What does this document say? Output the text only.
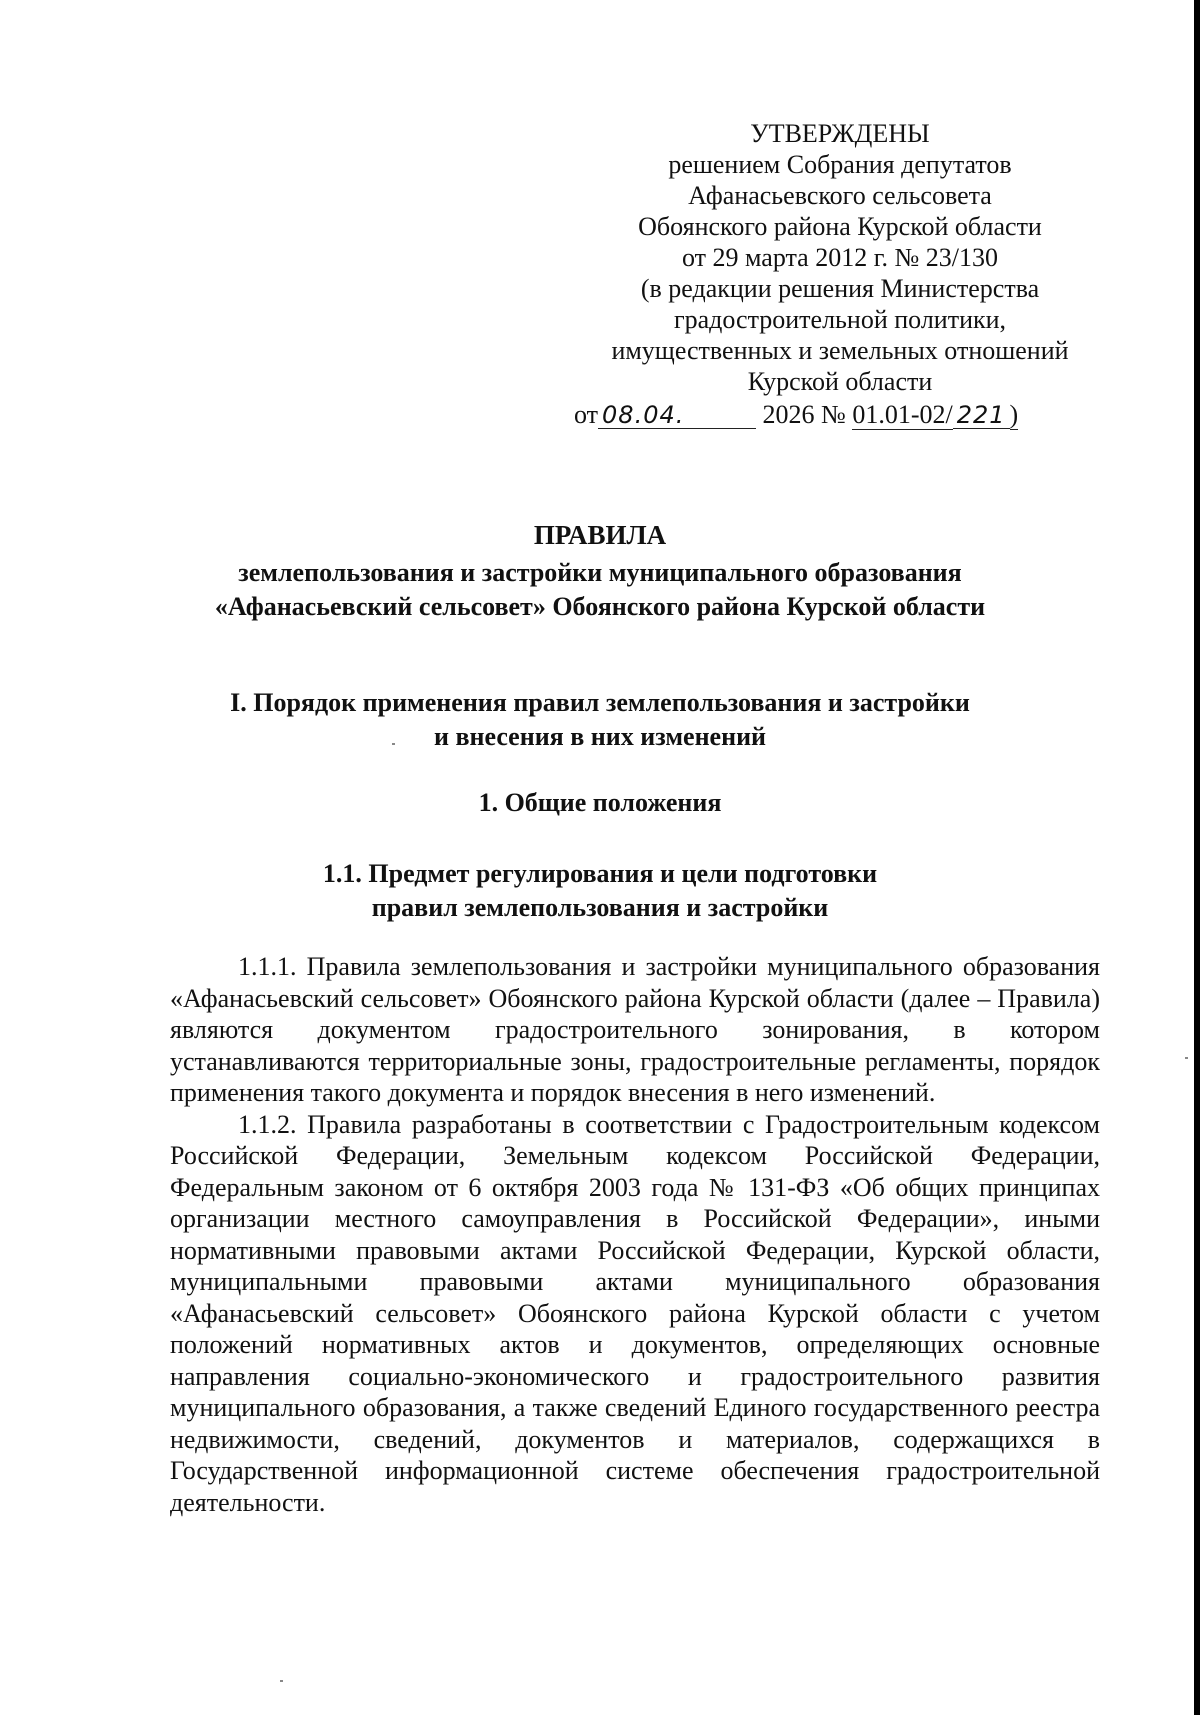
УТВЕРЖДЕНЫ
решением Собрания депутатов
Афанасьевского сельсовета
Обоянского района Курской области
от 29 марта 2012 г. № 23/130
(в редакции решения Министерства
градостроительной политики,
имущественных и земельных отношений
Курской области
от 08.04.	2026 № 01.01-02/ 221 )
ПРАВИЛА
землепользования и застройки муниципального образования
«Афанасьевский сельсовет» Обоянского района Курской области
I. Порядок применения правил землепользования и застройки
и внесения в них изменений
1. Общие положения
1.1. Предмет регулирования и цели подготовки
правил землепользования и застройки

1.1.1. Правила землепользования и застройки муниципального образования «Афанасьевский сельсовет» Обоянского района Курской области (далее – Правила) являются документом градостроительного зонирования, в котором устанавливаются территориальные зоны, градостроительные регламенты, порядок применения такого документа и порядок внесения в него изменений.

1.1.2. Правила разработаны в соответствии с Градостроительным кодексом Российской Федерации, Земельным кодексом Российской Федерации, Федеральным законом от 6 октября 2003 года № 131-ФЗ «Об общих принципах организации местного самоуправления в Российской Федерации», иными нормативными правовыми актами Российской Федерации, Курской области, муниципальными правовыми актами муниципального образования «Афанасьевский сельсовет» Обоянского района Курской области с учетом положений нормативных актов и документов, определяющих основные направления социально-экономического и градостроительного развития муниципального образования, а также сведений Единого государственного реестра недвижимости, сведений, документов и материалов, содержащихся в Государственной информационной системе обеспечения градостроительной деятельности.
